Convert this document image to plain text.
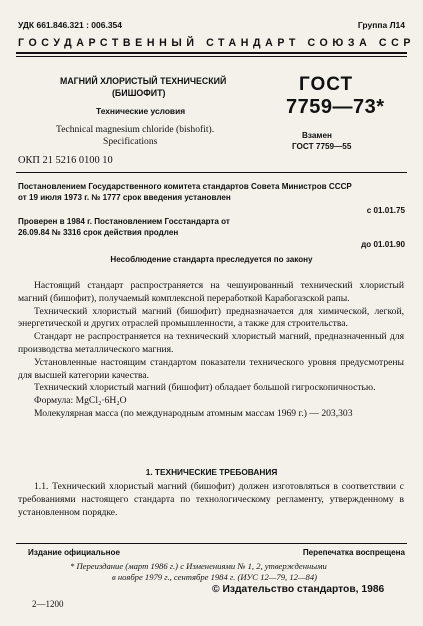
УДК 661.846.321 : 006.354	Группа Л14
ГОСУДАРСТВЕННЫЙ СТАНДАРТ СОЮЗА ССР
МАГНИЙ ХЛОРИСТЫЙ ТЕХНИЧЕСКИЙ
(БИШОФИТ)
Технические условия
Technical magnesium chloride (bishofit).
Specifications
ГОСТ
7759—73*
Взамен
ГОСТ 7759—55
ОКП 21 5216 0100 10
Постановлением Государственного комитета стандартов Совета Министров СССР
от 19 июля 1973 г. № 1777 срок введения установлен
с 01.01.75
Проверен в 1984 г. Постановлением Госстандарта от
26.09.84 № 3316 срок действия продлен
до 01.01.90
Несоблюдение стандарта преследуется по закону

Настоящий стандарт распространяется на чешуированный технический хлористый магний (бишофит), получаемый комплексной переработкой Карабогазской рапы.

Технический хлористый магний (бишофит) предназначается для химической, легкой, энергетической и других отраслей промышленности, а также для строительства.

Стандарт не распространяется на технический хлористый магний, предназначенный для производства металлического магния.

Установленные настоящим стандартом показатели технического уровня предусмотрены для высшей категории качества.

Технический хлористый магний (бишофит) обладает большой гигроскопичностью.

Формула: MgCl₂·6H₂O

Молекулярная масса (по международным атомным массам 1969 г.) — 203,303

1. ТЕХНИЧЕСКИЕ ТРЕБОВАНИЯ

1.1. Технический хлористый магний (бишофит) должен изготовляться в соответствии с требованиями настоящего стандарта по технологическому регламенту, утвержденному в установленном порядке.

Издание официальное	Перепечатка воспрещена
* Переиздание (март 1986 г.) с Изменениями № 1, 2, утвержденными
в ноябре 1979 г., сентябре 1984 г. (ИУС 12—79, 12—84)
© Издательство стандартов, 1986
2—1200
